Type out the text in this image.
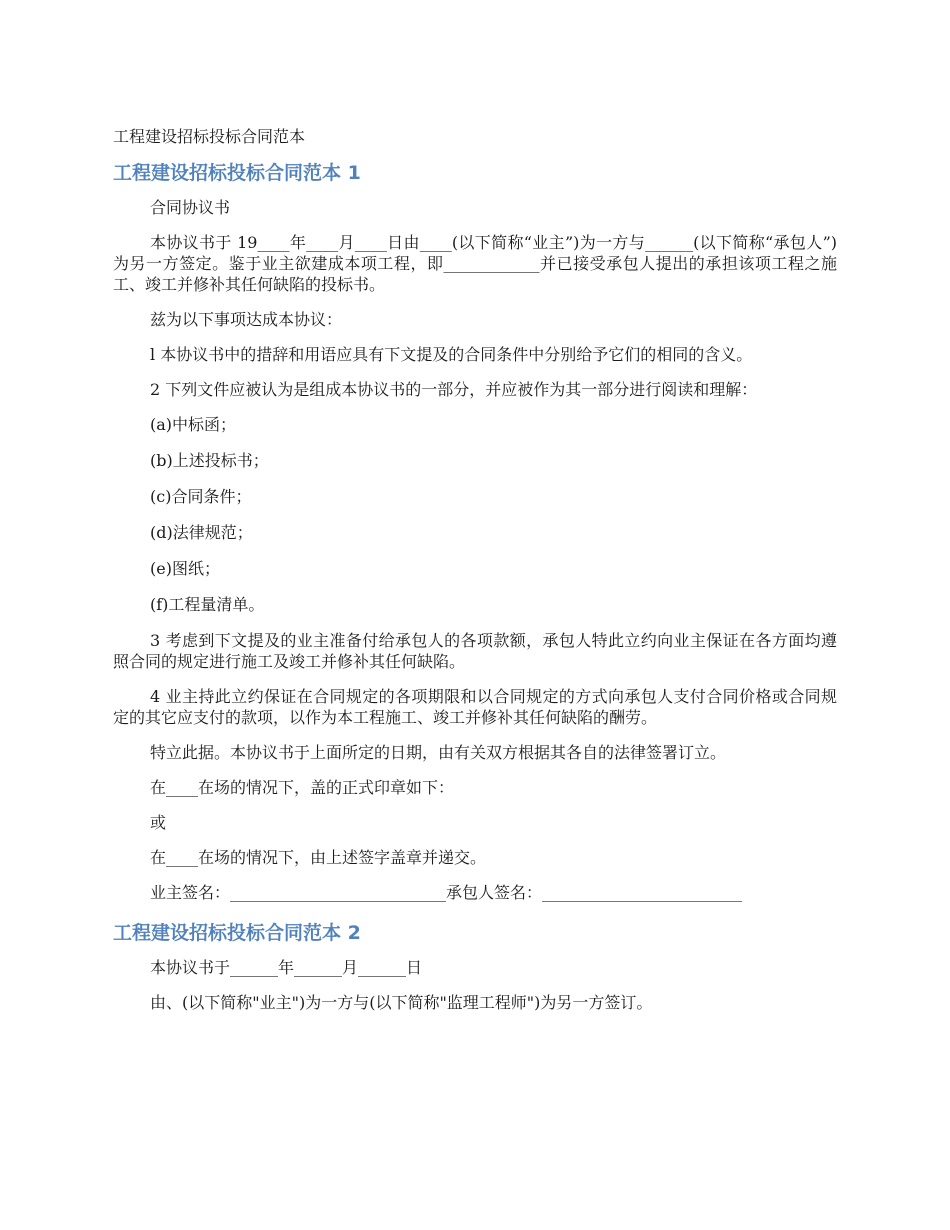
工程建设招标投标合同范本
工程建设招标投标合同范本 1

合同协议书

本协议书于 19____年____月____日由____(以下简称“业主”)为一方与______(以下简称“承包人”)为另一方签定。鉴于业主欲建成本项工程，即____________并已接受承包人提出的承担该项工程之施工、竣工并修补其任何缺陷的投标书。

兹为以下事项达成本协议：

l 本协议书中的措辞和用语应具有下文提及的合同条件中分别给予它们的相同的含义。

2 下列文件应被认为是组成本协议书的一部分，并应被作为其一部分进行阅读和理解：

(a)中标函；

(b)上述投标书；

(c)合同条件；

(d)法律规范；

(e)图纸；

(f)工程量清单。

3 考虑到下文提及的业主准备付给承包人的各项款额，承包人特此立约向业主保证在各方面均遵照合同的规定进行施工及竣工并修补其任何缺陷。

4 业主持此立约保证在合同规定的各项期限和以合同规定的方式向承包人支付合同价格或合同规定的其它应支付的款项，以作为本工程施工、竣工并修补其任何缺陷的酬劳。

特立此据。本协议书于上面所定的日期，由有关双方根据其各自的法律签署订立。

在____在场的情况下，盖的正式印章如下：

或

在____在场的情况下，由上述签字盖章并递交。

业主签名：___________________________承包人签名：_________________________

工程建设招标投标合同范本 2

本协议书于______年______月______日

由、(以下简称"业主")为一方与(以下简称"监理工程师")为另一方签订。
